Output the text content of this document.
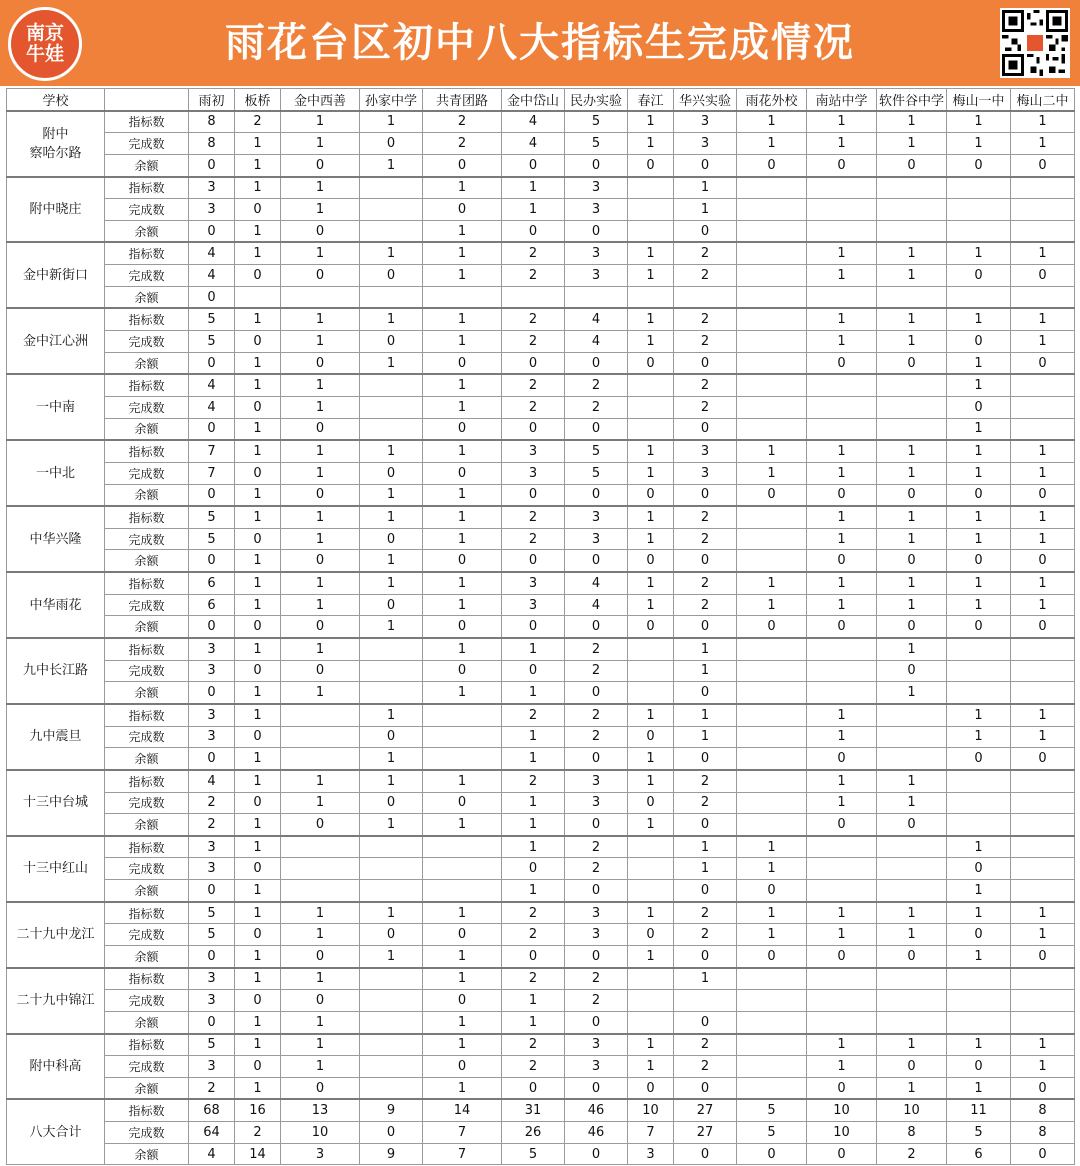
南京
牛娃	雨花台区初中八大指标生完成情况
学校		雨初	板桥	金中西善	孙家中学	共青团路	金中岱山	民办实验	春江	华兴实验	雨花外校	南站中学	软件谷中学	梅山一中	梅山二中
附中
察哈尔路	指标数	8	2	1	1	2	4	5	1	3	1	1	1	1	1
	完成数	8	1	1	0	2	4	5	1	3	1	1	1	1	1
	余额	0	1	0	1	0	0	0	0	0	0	0	0	0	0
附中晓庄	指标数	3	1	1		1	1	3		1					
	完成数	3	0	1		0	1	3		1					
	余额	0	1	0		1	0	0		0					
金中新街口	指标数	4	1	1	1	1	2	3	1	2		1	1	1	1
	完成数	4	0	0	0	1	2	3	1	2		1	1	0	0
	余额	0													
金中江心洲	指标数	5	1	1	1	1	2	4	1	2		1	1	1	1
	完成数	5	0	1	0	1	2	4	1	2		1	1	0	1
	余额	0	1	0	1	0	0	0	0	0		0	0	1	0
一中南	指标数	4	1	1		1	2	2		2				1	
	完成数	4	0	1		1	2	2		2				0	
	余额	0	1	0		0	0	0		0				1	
一中北	指标数	7	1	1	1	1	3	5	1	3	1	1	1	1	1
	完成数	7	0	1	0	0	3	5	1	3	1	1	1	1	1
	余额	0	1	0	1	1	0	0	0	0	0	0	0	0	0
中华兴隆	指标数	5	1	1	1	1	2	3	1	2		1	1	1	1
	完成数	5	0	1	0	1	2	3	1	2		1	1	1	1
	余额	0	1	0	1	0	0	0	0	0		0	0	0	0
中华雨花	指标数	6	1	1	1	1	3	4	1	2	1	1	1	1	1
	完成数	6	1	1	0	1	3	4	1	2	1	1	1	1	1
	余额	0	0	0	1	0	0	0	0	0	0	0	0	0	0
九中长江路	指标数	3	1	1		1	1	2		1			1		
	完成数	3	0	0		0	0	2		1			0		
	余额	0	1	1		1	1	0		0			1		
九中震旦	指标数	3	1		1		2	2	1	1		1		1	1
	完成数	3	0		0		1	2	0	1		1		1	1
	余额	0	1		1		1	0	1	0		0		0	0
十三中台城	指标数	4	1	1	1	1	2	3	1	2		1	1		
	完成数	2	0	1	0	0	1	3	0	2		1	1		
	余额	2	1	0	1	1	1	0	1	0		0	0		
十三中红山	指标数	3	1				1	2		1	1			1	
	完成数	3	0				0	2		1	1			0	
	余额	0	1				1	0		0	0			1	
二十九中龙江	指标数	5	1	1	1	1	2	3	1	2	1	1	1	1	1
	完成数	5	0	1	0	0	2	3	0	2	1	1	1	0	1
	余额	0	1	0	1	1	0	0	1	0	0	0	0	1	0
二十九中锦江	指标数	3	1	1		1	2	2		1					
	完成数	3	0	0		0	1	2							
	余额	0	1	1		1	1	0		0					
附中科高	指标数	5	1	1		1	2	3	1	2		1	1	1	1
	完成数	3	0	1		0	2	3	1	2		1	0	0	1
	余额	2	1	0		1	0	0	0	0		0	1	1	0
八大合计	指标数	68	16	13	9	14	31	46	10	27	5	10	10	11	8
	完成数	64	2	10	0	7	26	46	7	27	5	10	8	5	8
	余额	4	14	3	9	7	5	0	3	0	0	0	2	6	0
